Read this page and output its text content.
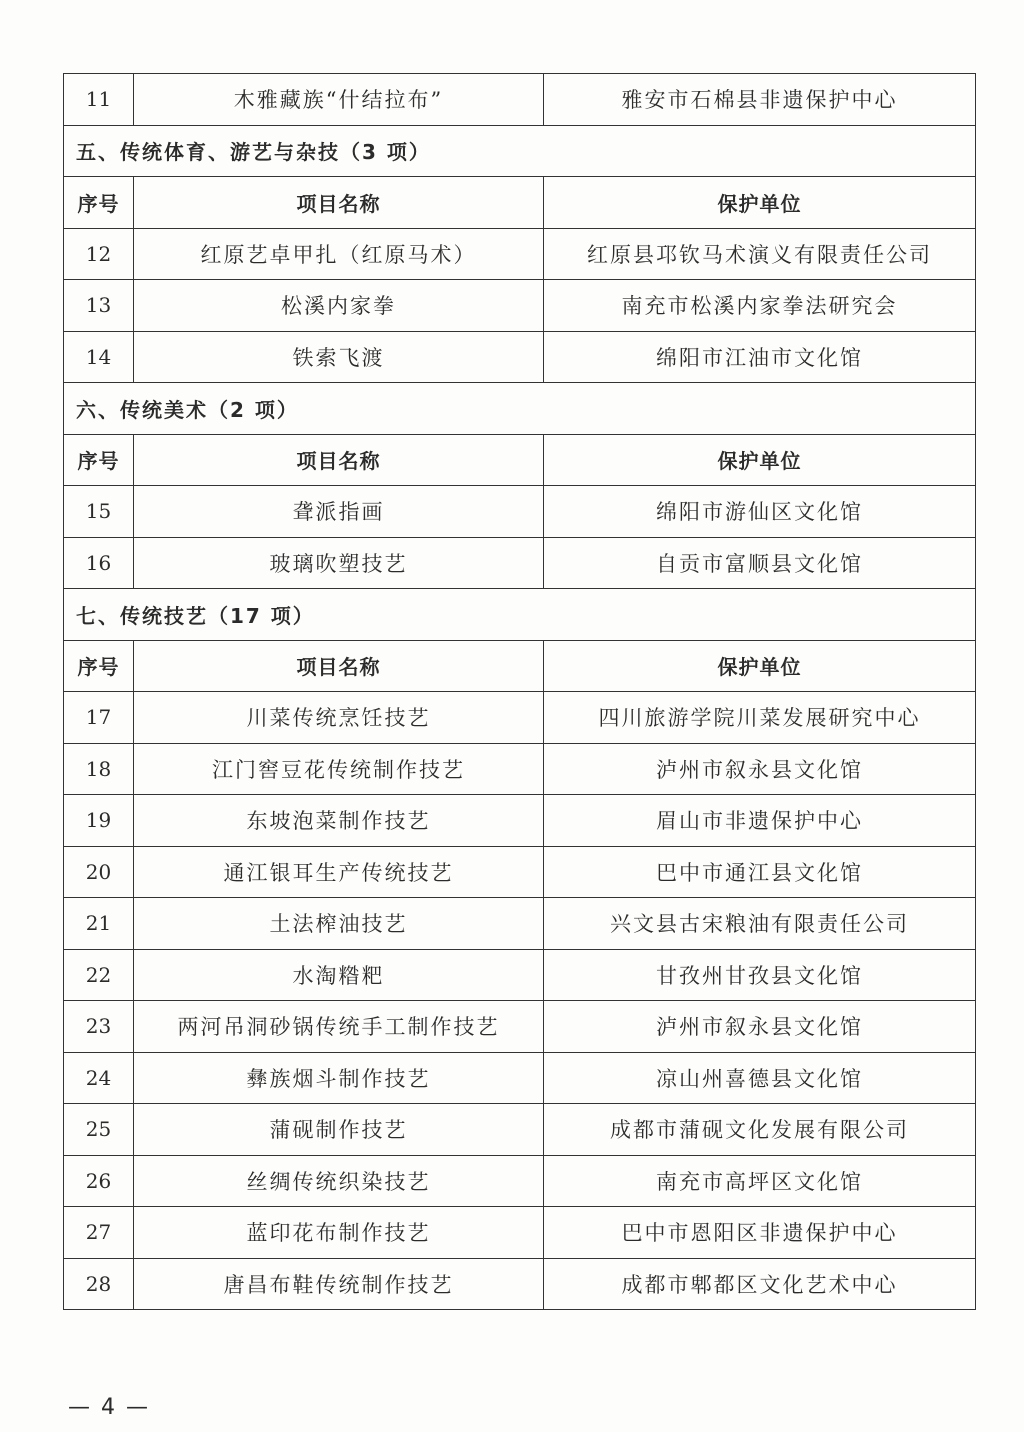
11	木雅藏族“什结拉布”	雅安市石棉县非遗保护中心
五、传统体育、游艺与杂技（3 项）		
序号	项目名称	保护单位
12	红原艺卓甲扎（红原马术）	红原县邛钦马术演义有限责任公司
13	松溪内家拳	南充市松溪内家拳法研究会
14	铁索飞渡	绵阳市江油市文化馆
六、传统美术（2 项）		
序号	项目名称	保护单位
15	聋派指画	绵阳市游仙区文化馆
16	玻璃吹塑技艺	自贡市富顺县文化馆
七、传统技艺（17 项）		
序号	项目名称	保护单位
17	川菜传统烹饪技艺	四川旅游学院川菜发展研究中心
18	江门窖豆花传统制作技艺	泸州市叙永县文化馆
19	东坡泡菜制作技艺	眉山市非遗保护中心
20	通江银耳生产传统技艺	巴中市通江县文化馆
21	土法榨油技艺	兴文县古宋粮油有限责任公司
22	水淘糌粑	甘孜州甘孜县文化馆
23	两河吊洞砂锅传统手工制作技艺	泸州市叙永县文化馆
24	彝族烟斗制作技艺	凉山州喜德县文化馆
25	蒲砚制作技艺	成都市蒲砚文化发展有限公司
26	丝绸传统织染技艺	南充市高坪区文化馆
27	蓝印花布制作技艺	巴中市恩阳区非遗保护中心
28	唐昌布鞋传统制作技艺	成都市郫都区文化艺术中心
— 4 —
